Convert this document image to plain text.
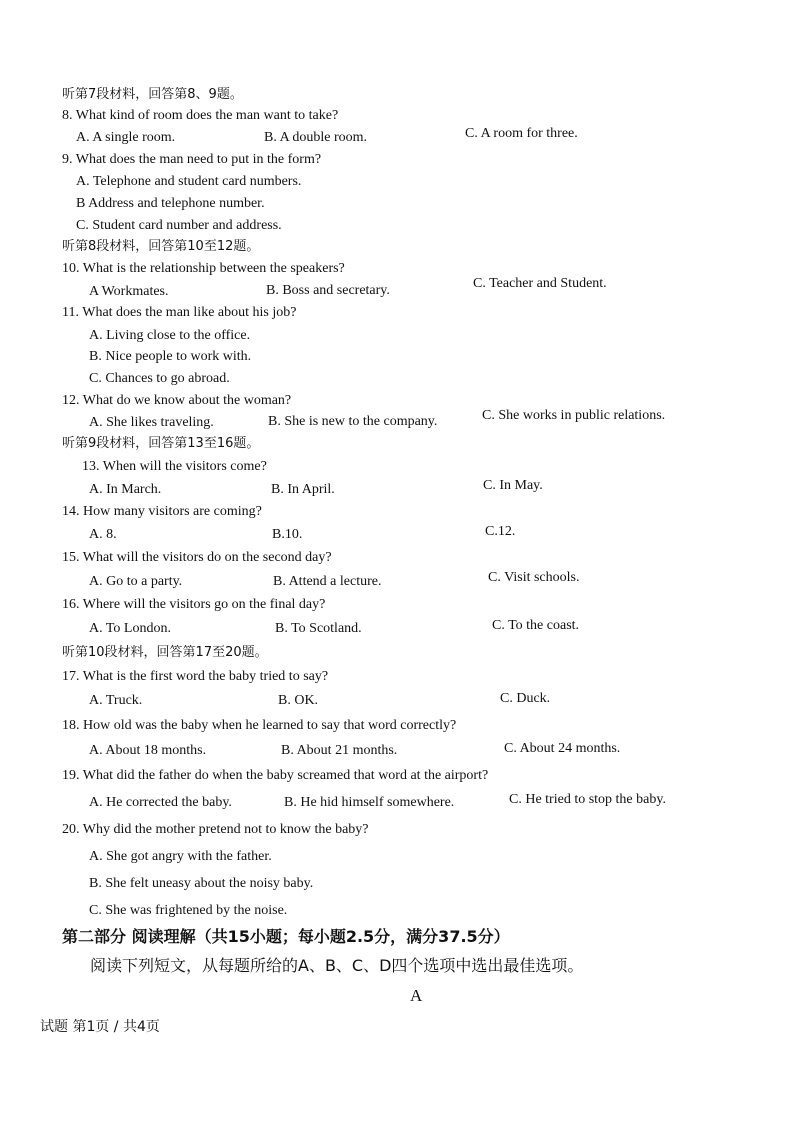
听第7段材料，回答第8、9题。
8. What kind of room does the man want to take?
A. A single room.	B. A double room.	C. A room for three.
9. What does the man need to put in the form?
A. Telephone and student card numbers.
B Address and telephone number.
C. Student card number and address.
听第8段材料，回答第10至12题。
10. What is the relationship between the speakers?
A Workmates.	B. Boss and secretary.	C. Teacher and Student.
11. What does the man like about his job?
A. Living close to the office.
B. Nice people to work with.
C. Chances to go abroad.
12. What do we know about the woman?
A. She likes traveling.	B. She is new to the company.	C. She works in public relations.
听第9段材料，回答第13至16题。
13. When will the visitors come?
A. In March.	B. In April.	C. In May.
14. How many visitors are coming?
A. 8.	B.10.	C.12.
15. What will the visitors do on the second day?
A. Go to a party.	B. Attend a lecture.	C. Visit schools.
16. Where will the visitors go on the final day?
A. To London.	B. To Scotland.	C. To the coast.
听第10段材料，回答第17至20题。
17. What is the first word the baby tried to say?
A. Truck.	B. OK.	C. Duck.
18. How old was the baby when he learned to say that word correctly?
A. About 18 months.	B. About 21 months.	C. About 24 months.
19. What did the father do when the baby screamed that word at the airport?
A. He corrected the baby.	B. He hid himself somewhere.	C. He tried to stop the baby.
20. Why did the mother pretend not to know the baby?
A. She got angry with the father.
B. She felt uneasy about the noisy baby.
C. She was frightened by the noise.
第二部分 阅读理解（共15小题；每小题2.5分，满分37.5分）
阅读下列短文，从每题所给的A、B、C、D四个选项中选出最佳选项。
A
试题 第1页 / 共4页
